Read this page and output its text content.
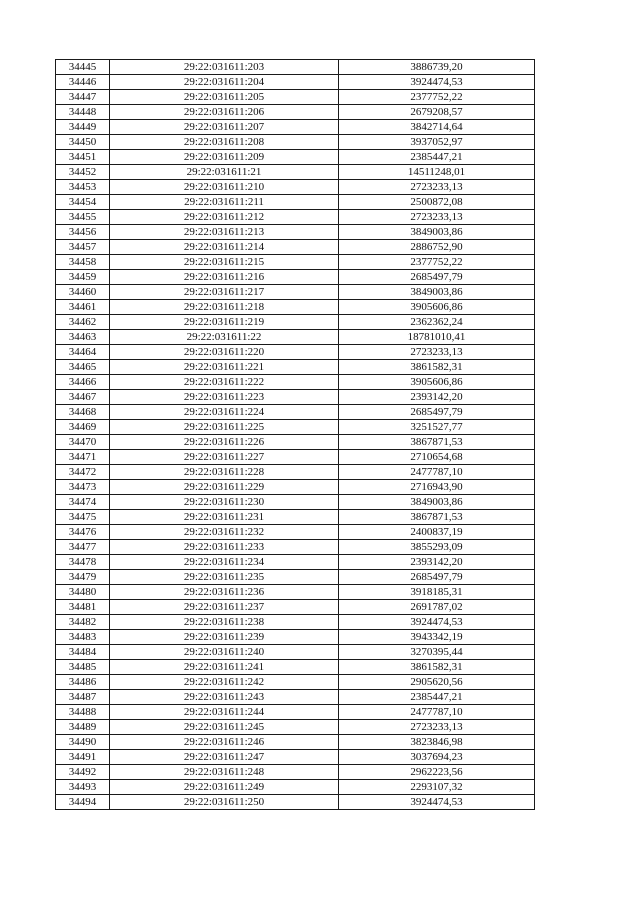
34445	29:22:031611:203	3886739,20
34446	29:22:031611:204	3924474,53
34447	29:22:031611:205	2377752,22
34448	29:22:031611:206	2679208,57
34449	29:22:031611:207	3842714,64
34450	29:22:031611:208	3937052,97
34451	29:22:031611:209	2385447,21
34452	29:22:031611:21	14511248,01
34453	29:22:031611:210	2723233,13
34454	29:22:031611:211	2500872,08
34455	29:22:031611:212	2723233,13
34456	29:22:031611:213	3849003,86
34457	29:22:031611:214	2886752,90
34458	29:22:031611:215	2377752,22
34459	29:22:031611:216	2685497,79
34460	29:22:031611:217	3849003,86
34461	29:22:031611:218	3905606,86
34462	29:22:031611:219	2362362,24
34463	29:22:031611:22	18781010,41
34464	29:22:031611:220	2723233,13
34465	29:22:031611:221	3861582,31
34466	29:22:031611:222	3905606,86
34467	29:22:031611:223	2393142,20
34468	29:22:031611:224	2685497,79
34469	29:22:031611:225	3251527,77
34470	29:22:031611:226	3867871,53
34471	29:22:031611:227	2710654,68
34472	29:22:031611:228	2477787,10
34473	29:22:031611:229	2716943,90
34474	29:22:031611:230	3849003,86
34475	29:22:031611:231	3867871,53
34476	29:22:031611:232	2400837,19
34477	29:22:031611:233	3855293,09
34478	29:22:031611:234	2393142,20
34479	29:22:031611:235	2685497,79
34480	29:22:031611:236	3918185,31
34481	29:22:031611:237	2691787,02
34482	29:22:031611:238	3924474,53
34483	29:22:031611:239	3943342,19
34484	29:22:031611:240	3270395,44
34485	29:22:031611:241	3861582,31
34486	29:22:031611:242	2905620,56
34487	29:22:031611:243	2385447,21
34488	29:22:031611:244	2477787,10
34489	29:22:031611:245	2723233,13
34490	29:22:031611:246	3823846,98
34491	29:22:031611:247	3037694,23
34492	29:22:031611:248	2962223,56
34493	29:22:031611:249	2293107,32
34494	29:22:031611:250	3924474,53
